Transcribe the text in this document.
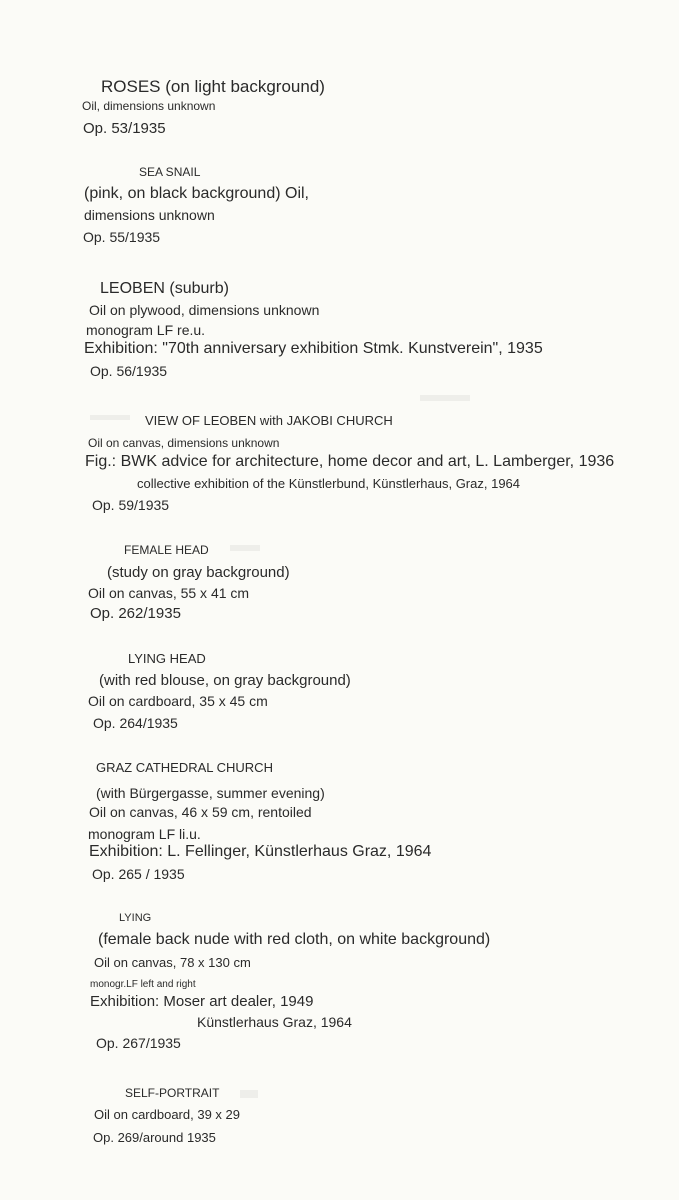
ROSES (on light background)
Oil, dimensions unknown
Op. 53/1935
SEA SNAIL
(pink, on black background) Oil,
dimensions unknown
Op. 55/1935
LEOBEN (suburb)
Oil on plywood, dimensions unknown
monogram LF re.u.
Exhibition: "70th anniversary exhibition Stmk. Kunstverein", 1935
Op. 56/1935
VIEW OF LEOBEN with JAKOBI CHURCH
Oil on canvas, dimensions unknown
Fig.: BWK advice for architecture, home decor and art, L. Lamberger, 1936
collective exhibition of the Künstlerbund, Künstlerhaus, Graz, 1964
Op. 59/1935
FEMALE HEAD
(study on gray background)
Oil on canvas, 55 x 41 cm
Op. 262/1935
LYING HEAD
(with red blouse, on gray background)
Oil on cardboard, 35 x 45 cm
Op. 264/1935
GRAZ CATHEDRAL CHURCH
(with Bürgergasse, summer evening)
Oil on canvas, 46 x 59 cm, rentoiled
monogram LF li.u.
Exhibition: L. Fellinger, Künstlerhaus Graz, 1964
Op. 265 / 1935
LYING
(female back nude with red cloth, on white background)
Oil on canvas, 78 x 130 cm
monogr.LF left and right
Exhibition: Moser art dealer, 1949
Künstlerhaus Graz, 1964
Op. 267/1935
SELF-PORTRAIT
Oil on cardboard, 39 x 29
Op. 269/around 1935
